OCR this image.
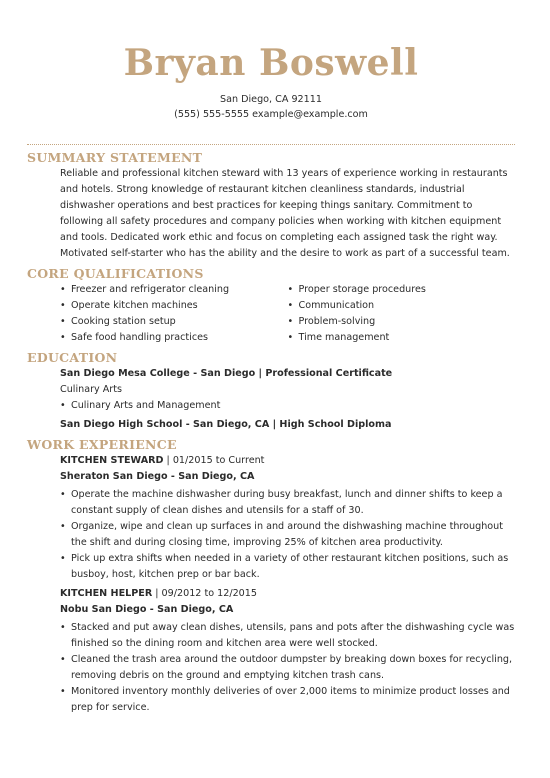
Bryan Boswell
San Diego, CA 92111
(555) 555-5555 example@example.com
SUMMARY STATEMENT
Reliable and professional kitchen steward with 13 years of experience working in restaurants and hotels. Strong knowledge of restaurant kitchen cleanliness standards, industrial dishwasher operations and best practices for keeping things sanitary. Commitment to following all safety procedures and company policies when working with kitchen equipment and tools. Dedicated work ethic and focus on completing each assigned task the right way. Motivated self-starter who has the ability and the desire to work as part of a successful team.
CORE QUALIFICATIONS
• Freezer and refrigerator cleaning
• Operate kitchen machines
• Cooking station setup
• Safe food handling practices
• Proper storage procedures
• Communication
• Problem-solving
• Time management
EDUCATION
San Diego Mesa College - San Diego | Professional Certificate
Culinary Arts
• Culinary Arts and Management
San Diego High School - San Diego, CA | High School Diploma
WORK EXPERIENCE
KITCHEN STEWARD | 01/2015 to Current
Sheraton San Diego - San Diego, CA
• Operate the machine dishwasher during busy breakfast, lunch and dinner shifts to keep a constant supply of clean dishes and utensils for a staff of 30.
• Organize, wipe and clean up surfaces in and around the dishwashing machine throughout the shift and during closing time, improving 25% of kitchen area productivity.
• Pick up extra shifts when needed in a variety of other restaurant kitchen positions, such as busboy, host, kitchen prep or bar back.
KITCHEN HELPER | 09/2012 to 12/2015
Nobu San Diego - San Diego, CA
• Stacked and put away clean dishes, utensils, pans and pots after the dishwashing cycle was finished so the dining room and kitchen area were well stocked.
• Cleaned the trash area around the outdoor dumpster by breaking down boxes for recycling, removing debris on the ground and emptying kitchen trash cans.
• Monitored inventory monthly deliveries of over 2,000 items to minimize product losses and prep for service.
